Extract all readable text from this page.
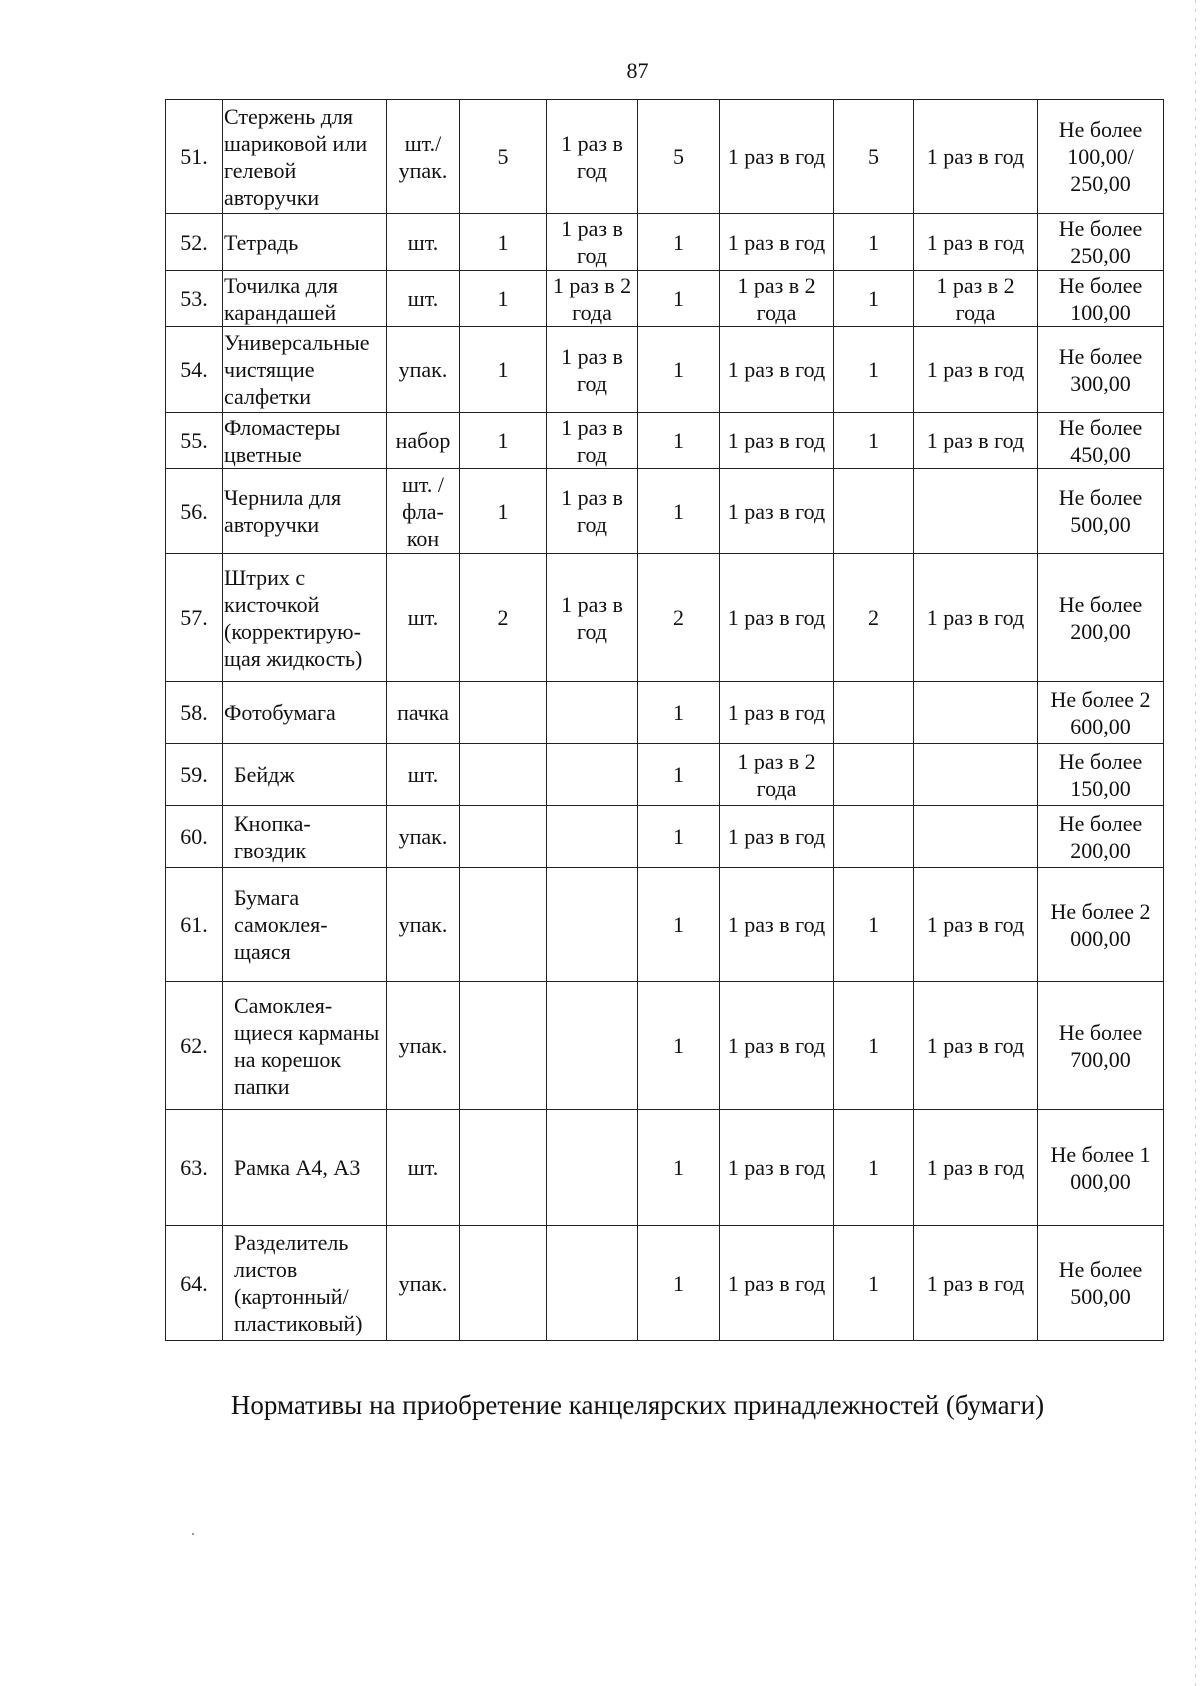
87
51.	Стержень для шариковой или гелевой авторучки	шт./ упак.	5	1 раз в год	5	1 раз в год	5	1 раз в год	Не более 100,00/ 250,00
52.	Тетрадь	шт.	1	1 раз в год	1	1 раз в год	1	1 раз в год	Не более 250,00
53.	Точилка для карандашей	шт.	1	1 раз в 2 года	1	1 раз в 2 года	1	1 раз в 2 года	Не более 100,00
54.	Универсальные чистящие салфетки	упак.	1	1 раз в год	1	1 раз в год	1	1 раз в год	Не более 300,00
55.	Фломастеры цветные	набор	1	1 раз в год	1	1 раз в год	1	1 раз в год	Не более 450,00
56.	Чернила для авторучки	шт. / фла- кон	1	1 раз в год	1	1 раз в год			Не более 500,00
57.	Штрих с кисточкой (корректирую- щая жидкость)	шт.	2	1 раз в год	2	1 раз в год	2	1 раз в год	Не более 200,00
58.	Фотобумага	пачка			1	1 раз в год			Не более 2 600,00
59.	Бейдж	шт.			1	1 раз в 2 года			Не более 150,00
60.	Кнопка- гвоздик	упак.			1	1 раз в год			Не более 200,00
61.	Бумага самоклея- щаяся	упак.			1	1 раз в год	1	1 раз в год	Не более 2 000,00
62.	Самоклея- щиеся карманы на корешок папки	упак.			1	1 раз в год	1	1 раз в год	Не более 700,00
63.	Рамка А4, А3	шт.			1	1 раз в год	1	1 раз в год	Не более 1 000,00
64.	Разделитель листов (картонный/ пластиковый)	упак.			1	1 раз в год	1	1 раз в год	Не более 500,00
Нормативы на приобретение канцелярских принадлежностей (бумаги)
